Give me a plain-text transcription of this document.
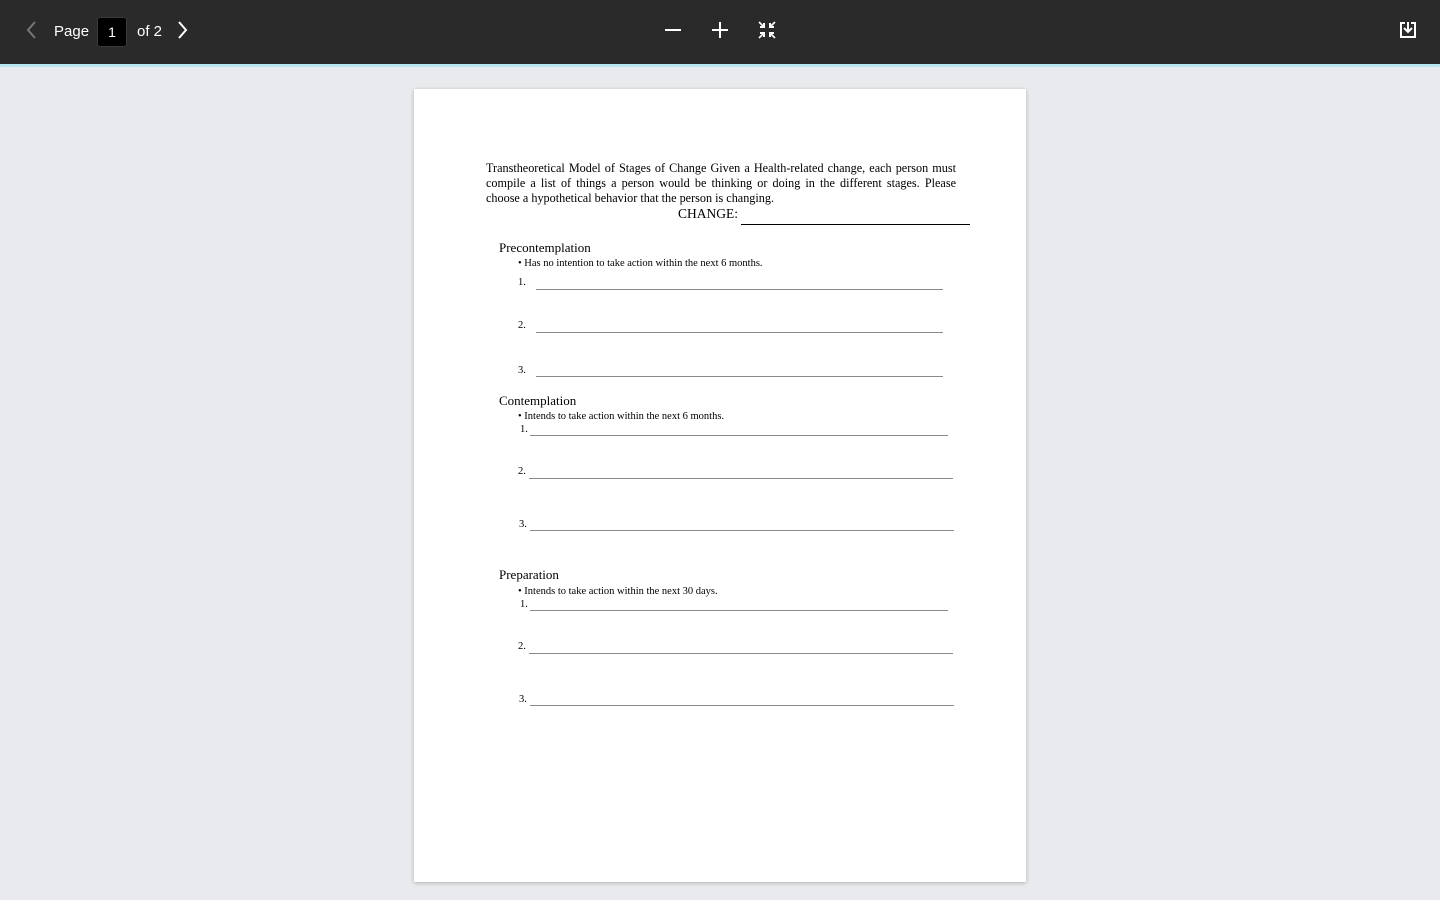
Page
1	of 2
Transtheoretical Model of Stages of Change Given a Health-related change, each person must compile a list of things a person would be thinking or doing in the different stages. Please choose a hypothetical behavior that the person is changing.
CHANGE:
Precontemplation
• Has no intention to take action within the next 6 months.
1.
2.
3.
Contemplation
• Intends to take action within the next 6 months.
1.
2.
3.
Preparation
• Intends to take action within the next 30 days.
1.
2.
3.
